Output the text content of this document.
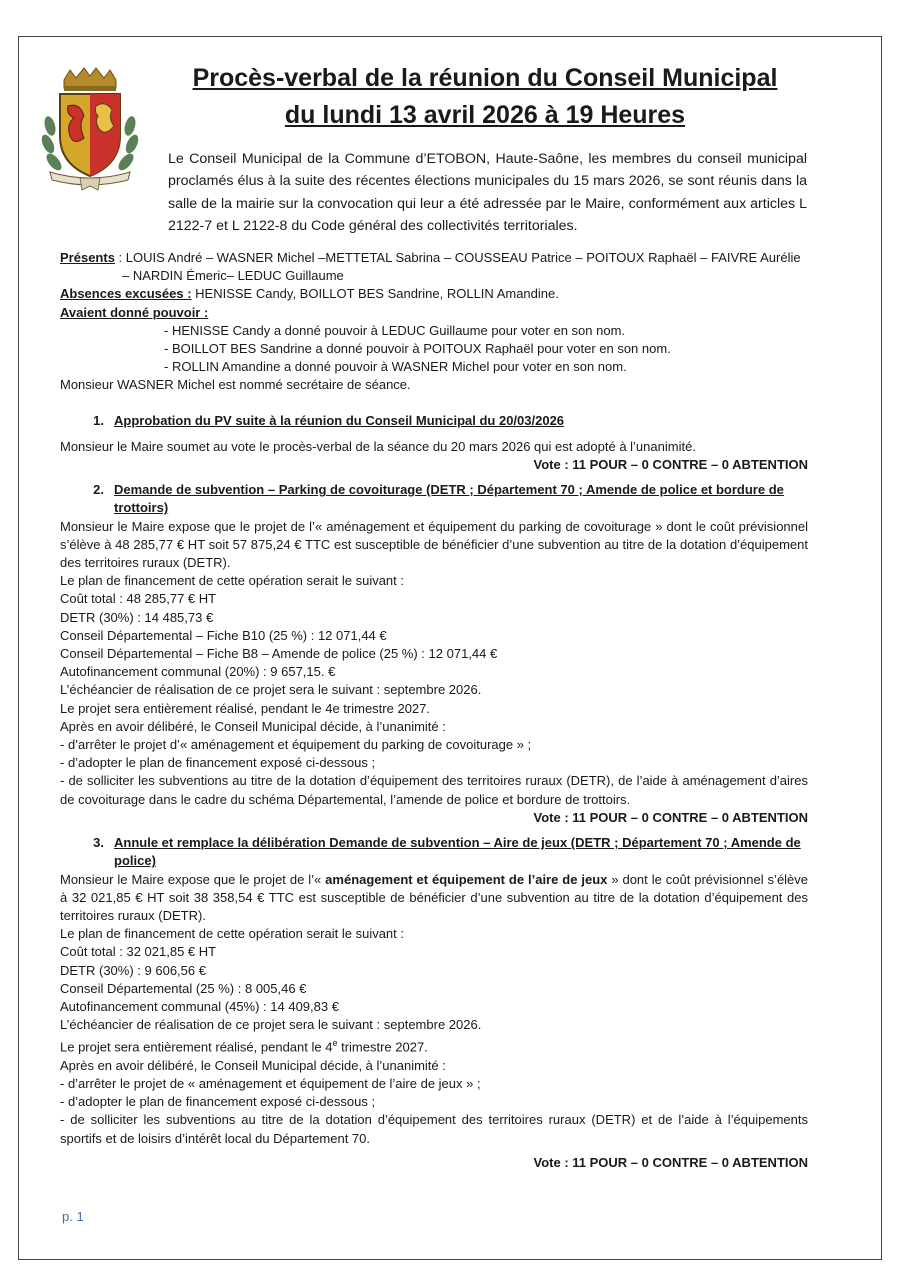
Procès-verbal de la réunion du Conseil Municipal
du lundi 13 avril 2026 à 19 Heures
Le Conseil Municipal de la Commune d’ETOBON, Haute-Saône, les membres du conseil municipal proclamés élus à la suite des récentes élections municipales du 15 mars 2026, se sont réunis dans la salle de la mairie sur la convocation qui leur a été adressée par le Maire, conformément aux articles L 2122-7 et L 2122-8 du Code général des collectivités territoriales.

Présents : LOUIS André – WASNER Michel –METTETAL Sabrina – COUSSEAU Patrice – POITOUX Raphaël – FAIVRE Aurélie

– NARDIN Émeric– LEDUC Guillaume

Absences excusées : HENISSE Candy, BOILLOT BES Sandrine, ROLLIN Amandine.

Avaient donné pouvoir :

- HENISSE Candy a donné pouvoir à LEDUC Guillaume pour voter en son nom.

- BOILLOT BES Sandrine a donné pouvoir à POITOUX Raphaël pour voter en son nom.

- ROLLIN Amandine a donné pouvoir à WASNER Michel pour voter en son nom.

Monsieur WASNER Michel est nommé secrétaire de séance.

1. Approbation du PV suite à la réunion du Conseil Municipal du 20/03/2026

Monsieur le Maire soumet au vote le procès-verbal de la séance du 20 mars 2026 qui est adopté à l’unanimité.

Vote : 11 POUR – 0 CONTRE – 0 ABTENTION

2. Demande de subvention – Parking de covoiturage (DETR ; Département 70 ; Amende de police et bordure de trottoirs)

Monsieur le Maire expose que le projet de l’« aménagement et équipement du parking de covoiturage » dont le coût prévisionnel s’élève à 48 285,77 € HT soit 57 875,24 € TTC est susceptible de bénéficier d’une subvention au titre de la dotation d’équipement des territoires ruraux (DETR).

Le plan de financement de cette opération serait le suivant :

Coût total : 48 285,77 € HT

DETR (30%) : 14 485,73 €

Conseil Départemental – Fiche B10 (25 %) : 12 071,44 €

Conseil Départemental – Fiche B8 – Amende de police (25 %) : 12 071,44 €

Autofinancement communal (20%) : 9 657,15. €

L’échéancier de réalisation de ce projet sera le suivant : septembre 2026.

Le projet sera entièrement réalisé, pendant le 4e trimestre 2027.

Après en avoir délibéré, le Conseil Municipal décide, à l’unanimité :

- d’arrêter le projet d’« aménagement et équipement du parking de covoiturage » ;

- d’adopter le plan de financement exposé ci-dessous ;

- de solliciter les subventions au titre de la dotation d’équipement des territoires ruraux (DETR), de l’aide à aménagement d’aires de covoiturage dans le cadre du schéma Départemental, l’amende de police et bordure de trottoirs.

Vote : 11 POUR – 0 CONTRE – 0 ABTENTION

3. Annule et remplace la délibération Demande de subvention – Aire de jeux (DETR ; Département 70 ; Amende de police)

Monsieur le Maire expose que le projet de l’« aménagement et équipement de l’aire de jeux » dont le coût prévisionnel s’élève à 32 021,85 € HT soit 38 358,54 € TTC est susceptible de bénéficier d’une subvention au titre de la dotation d’équipement des territoires ruraux (DETR).

Le plan de financement de cette opération serait le suivant :

Coût total : 32 021,85 € HT

DETR (30%) : 9 606,56 €

Conseil Départemental (25 %) : 8 005,46 €

Autofinancement communal (45%) : 14 409,83 €

L’échéancier de réalisation de ce projet sera le suivant : septembre 2026.

Le projet sera entièrement réalisé, pendant le 4e trimestre 2027.

Après en avoir délibéré, le Conseil Municipal décide, à l’unanimité :

- d’arrêter le projet de « aménagement et équipement de l’aire de jeux » ;

- d’adopter le plan de financement exposé ci-dessous ;

- de solliciter les subventions au titre de la dotation d’équipement des territoires ruraux (DETR) et de l’aide à l’équipements sportifs et de loisirs d’intérêt local du Département 70.

Vote : 11 POUR – 0 CONTRE – 0 ABTENTION

p. 1
